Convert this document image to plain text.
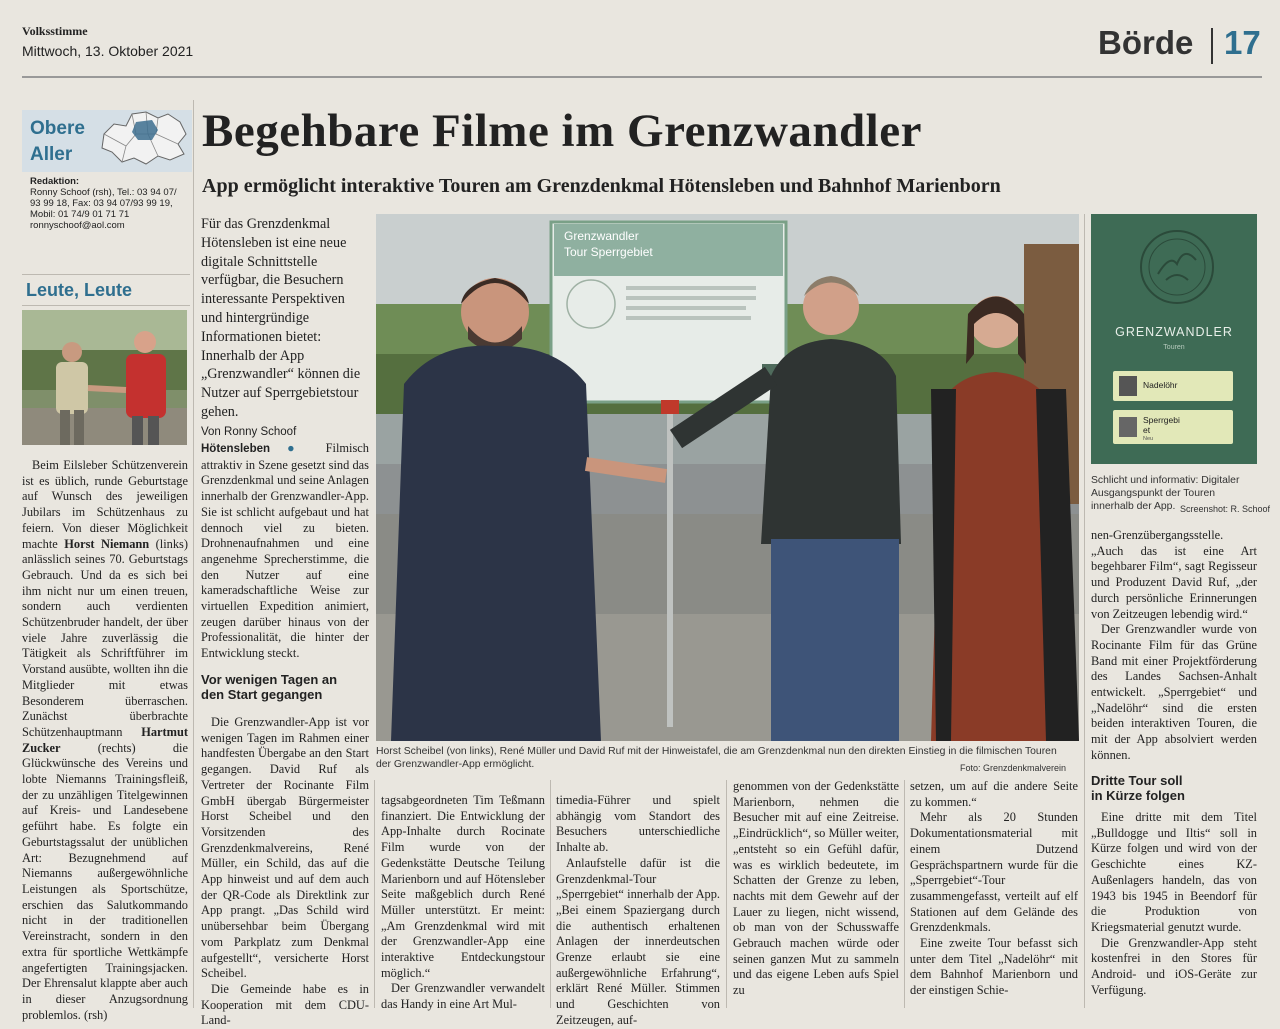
Volksstimme
Mittwoch, 13. Oktober 2021	Börde 17
Obere
Aller
Redaktion:
Ronny Schoof (rsh), Tel.: 03 94 07/
93 99 18, Fax: 03 94 07/93 99 19,
Mobil: 01 74/9 01 71 71
ronnyschoof@aol.com
Leute, Leute

Beim Eilsleber Schützenverein ist es üblich, runde Geburtstage auf Wunsch des jeweiligen Jubilars im Schützenhaus zu feiern. Von dieser Möglichkeit machte Horst Niemann (links) anlässlich seines 70. Geburtstags Gebrauch. Und da es sich bei ihm nicht nur um einen treuen, sondern auch verdienten Schützenbruder handelt, der über viele Jahre zuverlässig die Tätigkeit als Schriftführer im Vorstand ausübte, wollten ihn die Mitglieder mit etwas Besonderem überraschen. Zunächst überbrachte Schützenhauptmann Hartmut Zucker (rechts) die Glückwünsche des Vereins und lobte Niemanns Trainingsfleiß, der zu unzähligen Titelgewinnen auf Kreis- und Landesebene geführt habe. Es folgte ein Geburtstagssalut der unüblichen Art: Bezugnehmend auf Niemanns außergewöhnliche Leistungen als Sportschütze, erschien das Salutkommando nicht in der traditionellen Vereinstracht, sondern in den extra für sportliche Wettkämpfe angefertigten Trainingsjacken. Der Ehrensalut klappte aber auch in dieser Anzugsordnung problemlos. (rsh)

Begehbare Filme im Grenzwandler
App ermöglicht interaktive Touren am Grenzdenkmal Hötensleben und Bahnhof Marienborn
Für das Grenzdenkmal Hötensleben ist eine neue digitale Schnittstelle verfügbar, die Besuchern interessante Perspektiven und hintergründige Informationen bietet: Innerhalb der App „Grenzwandler“ können die Nutzer auf Sperrgebietstour gehen.
Von Ronny Schoof

Hötensleben ● Filmisch attraktiv in Szene gesetzt sind das Grenzdenkmal und seine Anlagen innerhalb der Grenzwandler-App. Sie ist schlicht aufgebaut und hat dennoch viel zu bieten. Drohnenaufnahmen und eine angenehme Sprecherstimme, die den Nutzer auf eine kameradschaftliche Weise zur virtuellen Expedition animiert, zeugen darüber hinaus von der Professionalität, die hinter der Entwicklung steckt.

Vor wenigen Tagen an
den Start gegangen

Die Grenzwandler-App ist vor wenigen Tagen im Rahmen einer handfesten Übergabe an den Start gegangen. David Ruf als Vertreter der Rocinante Film GmbH übergab Bürgermeister Horst Scheibel und den Vorsitzenden des Grenzdenkmalvereins, René Müller, ein Schild, das auf die App hinweist und auf dem auch der QR-Code als Direktlink zur App prangt. „Das Schild wird unübersehbar beim Übergang vom Parkplatz zum Denkmal aufgestellt“, versicherte Horst Scheibel.

Die Gemeinde habe es in Kooperation mit dem CDU-Land-

Grenzwandler
Tour Sperrgebiet
Horst Scheibel (von links), René Müller und David Ruf mit der Hinweistafel, die am Grenzdenkmal nun den direkten Einstieg in die filmischen Touren der Grenzwandler-App ermöglicht.	Foto: Grenzdenkmalverein
GRENZWANDLER
Touren
Nadelöhr
Sperrgebi et
Neu
Schlicht und informativ: Digitaler Ausgangspunkt der Touren innerhalb der App. Screenshot: R. Schoof

tagsabgeordneten Tim Teßmann finanziert. Die Entwicklung der App-Inhalte durch Rocinate Film wurde von der Gedenkstätte Deutsche Teilung Marienborn und auf Hötensleber Seite maßgeblich durch René Müller unterstützt. Er meint: „Am Grenzdenkmal wird mit der Grenzwandler-App eine interaktive Entdeckungstour möglich.“

Der Grenzwandler verwandelt das Handy in eine Art Mul-

timedia-Führer und spielt abhängig vom Standort des Besuchers unterschiedliche Inhalte ab.

Anlaufstelle dafür ist die Grenzdenkmal-Tour „Sperrgebiet“ innerhalb der App. „Bei einem Spaziergang durch die authentisch erhaltenen Anlagen der innerdeutschen Grenze erlaubt sie eine außergewöhnliche Erfahrung“, erklärt René Müller. Stimmen und Geschichten von Zeitzeugen, auf-

genommen von der Gedenkstätte Marienborn, nehmen die Besucher mit auf eine Zeitreise. „Eindrücklich“, so Müller weiter, „entsteht so ein Gefühl dafür, was es wirklich bedeutete, im Schatten der Grenze zu leben, nachts mit dem Gewehr auf der Lauer zu liegen, nicht wissend, ob man von der Schusswaffe Gebrauch machen würde oder seinen ganzen Mut zu sammeln und das eigene Leben aufs Spiel zu

setzen, um auf die andere Seite zu kommen.“

Mehr als 20 Stunden Dokumentationsmaterial mit einem Dutzend Gesprächspartnern wurde für die „Sperrgebiet“-Tour zusammengefasst, verteilt auf elf Stationen auf dem Gelände des Grenzdenkmals.

Eine zweite Tour befasst sich unter dem Titel „Nadelöhr“ mit dem Bahnhof Marienborn und der einstigen Schie-

nen-Grenzübergangsstelle. „Auch das ist eine Art begehbarer Film“, sagt Regisseur und Produzent David Ruf, „der durch persönliche Erinnerungen von Zeitzeugen lebendig wird.“

Der Grenzwandler wurde von Rocinante Film für das Grüne Band mit einer Projektförderung des Landes Sachsen-Anhalt entwickelt. „Sperrgebiet“ und „Nadelöhr“ sind die ersten beiden interaktiven Touren, die mit der App absolviert werden können.

Dritte Tour soll
in Kürze folgen

Eine dritte mit dem Titel „Bulldogge und Iltis“ soll in Kürze folgen und wird von der Geschichte eines KZ-Außenlagers handeln, das von 1943 bis 1945 in Beendorf für die Produktion von Kriegsmaterial genutzt wurde.

Die Grenzwandler-App steht kostenfrei in den Stores für Android- und iOS-Geräte zur Verfügung.
